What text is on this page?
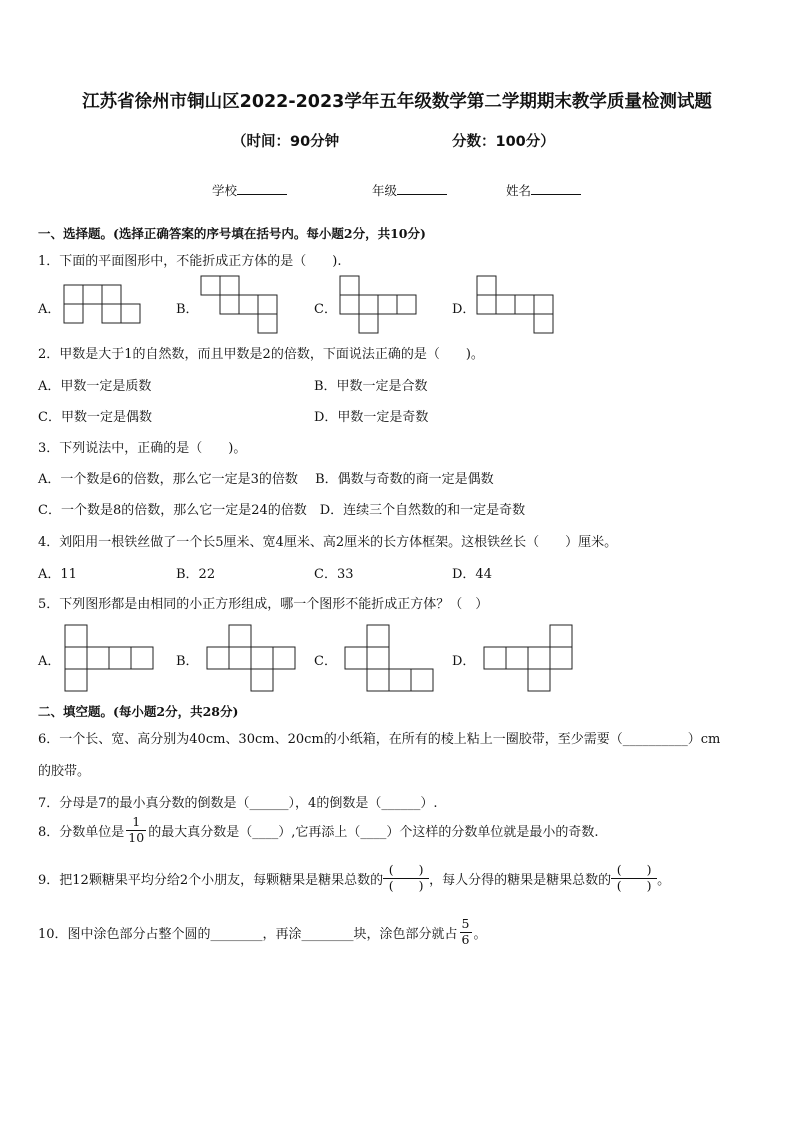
江苏省徐州市铜山区2022-2023学年五年级数学第二学期期末教学质量检测试题
（时间：90分钟	分数：100分）
学校	年级	姓名
一、选择题。(选择正确答案的序号填在括号内。每小题2分，共10分)
1．下面的平面图形中，不能折成正方体的是（　　).
A．	B．	C．	D．
2．甲数是大于1的自然数，而且甲数是2的倍数，下面说法正确的是（　　)。
A．甲数一定是质数	B．甲数一定是合数
C．甲数一定是偶数	D．甲数一定是奇数
3．下列说法中，正确的是（　　)。
A．一个数是6的倍数，那么它一定是3的倍数　 B．偶数与奇数的商一定是偶数
C．一个数是8的倍数，那么它一定是24的倍数　D．连续三个自然数的和一定是奇数
4．刘阳用一根铁丝做了一个长5厘米、宽4厘米、高2厘米的长方体框架。这根铁丝长（　　）厘米。
A．11	B．22	C．33	D．44
5．下列图形都是由相同的小正方形组成，哪一个图形不能折成正方体？（　）
A．	B．	C．	D．
二、填空题。(每小题2分，共28分)
6．一个长、宽、高分别为40cm、30cm、20cm的小纸箱，在所有的棱上粘上一圈胶带，至少需要（__________）cm
的胶带。
7．分母是7的最小真分数的倒数是（______），4的倒数是（______）.
8．分数单位是 $\frac{1}{10}$ 的最大真分数是（____）,它再添上（____）个这样的分数单位就是最小的奇数.
9．把12颗糖果平均分给2个小朋友，每颗糖果是糖果总数的 $\frac{( )}{( )}$ ，每人分得的糖果是糖果总数的 $\frac{( )}{( )}$ 。
10．图中涂色部分占整个圆的________，再涂________块，涂色部分就占 $\frac{5}{6}$ 。
